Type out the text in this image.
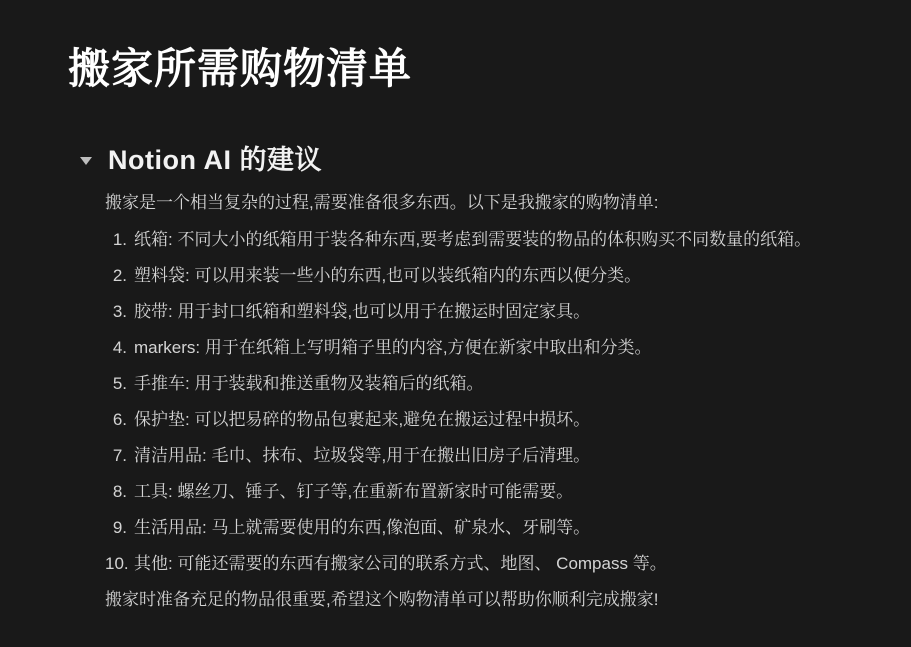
搬家所需购物清单
Notion AI 的建议

搬家是一个相当复杂的过程,需要准备很多东西。以下是我搬家的购物清单:

1. 纸箱: 不同大小的纸箱用于装各种东西,要考虑到需要装的物品的体积购买不同数量的纸箱。
2. 塑料袋: 可以用来装一些小的东西,也可以装纸箱内的东西以便分类。
3. 胶带: 用于封口纸箱和塑料袋,也可以用于在搬运时固定家具。
4. markers: 用于在纸箱上写明箱子里的内容,方便在新家中取出和分类。
5. 手推车: 用于装载和推送重物及装箱后的纸箱。
6. 保护垫: 可以把易碎的物品包裹起来,避免在搬运过程中损坏。
7. 清洁用品: 毛巾、抹布、垃圾袋等,用于在搬出旧房子后清理。
8. 工具: 螺丝刀、锤子、钉子等,在重新布置新家时可能需要。
9. 生活用品: 马上就需要使用的东西,像泡面、矿泉水、牙刷等。
10. 其他: 可能还需要的东西有搬家公司的联系方式、地图、 Compass 等。

搬家时准备充足的物品很重要,希望这个购物清单可以帮助你顺利完成搬家!
